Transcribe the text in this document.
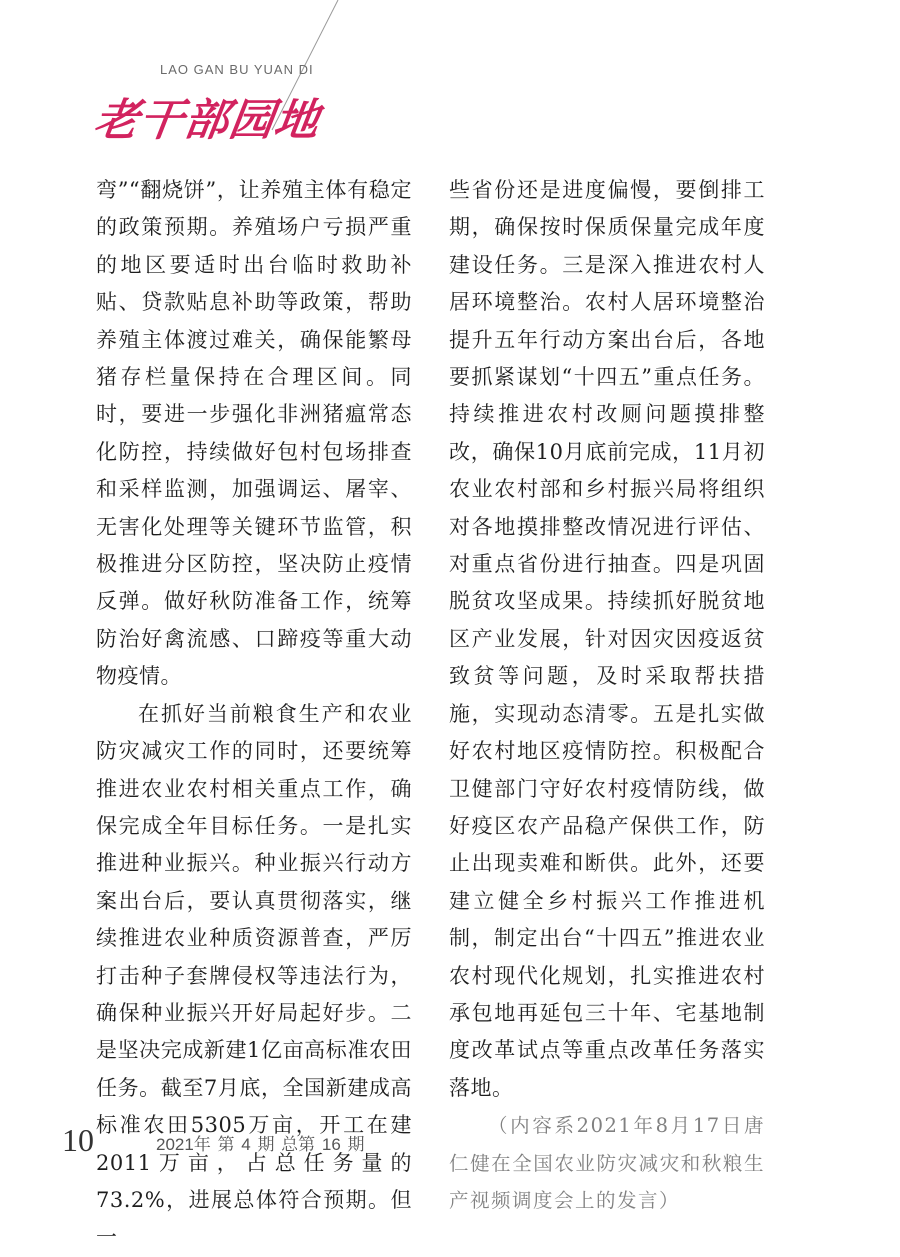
LAO GAN BU YUAN DI
老干部园地

弯”“翻烧饼”，让养殖主体有稳定的政策预期。养殖场户亏损严重的地区要适时出台临时救助补贴、贷款贴息补助等政策，帮助养殖主体渡过难关，确保能繁母猪存栏量保持在合理区间。同时，要进一步强化非洲猪瘟常态化防控，持续做好包村包场排查和采样监测，加强调运、屠宰、无害化处理等关键环节监管，积极推进分区防控，坚决防止疫情反弹。做好秋防准备工作，统筹防治好禽流感、口蹄疫等重大动物疫情。

在抓好当前粮食生产和农业防灾减灾工作的同时，还要统筹推进农业农村相关重点工作，确保完成全年目标任务。一是扎实推进种业振兴。种业振兴行动方案出台后，要认真贯彻落实，继续推进农业种质资源普查，严厉打击种子套牌侵权等违法行为，确保种业振兴开好局起好步。二是坚决完成新建1亿亩高标准农田任务。截至7月底，全国新建成高标准农田5305万亩，开工在建2011万亩，占总任务量的73.2%，进展总体符合预期。但一

些省份还是进度偏慢，要倒排工期，确保按时保质保量完成年度建设任务。三是深入推进农村人居环境整治。农村人居环境整治提升五年行动方案出台后，各地要抓紧谋划“十四五”重点任务。持续推进农村改厕问题摸排整改，确保10月底前完成，11月初农业农村部和乡村振兴局将组织对各地摸排整改情况进行评估、对重点省份进行抽查。四是巩固脱贫攻坚成果。持续抓好脱贫地区产业发展，针对因灾因疫返贫致贫等问题，及时采取帮扶措施，实现动态清零。五是扎实做好农村地区疫情防控。积极配合卫健部门守好农村疫情防线，做好疫区农产品稳产保供工作，防止出现卖难和断供。此外，还要建立健全乡村振兴工作推进机制，制定出台“十四五”推进农业农村现代化规划，扎实推进农村承包地再延包三十年、宅基地制度改革试点等重点改革任务落实落地。

（内容系2021年8月17日唐仁健在全国农业防灾减灾和秋粮生产视频调度会上的发言）

10	2021年 第 4 期 总第 16 期
